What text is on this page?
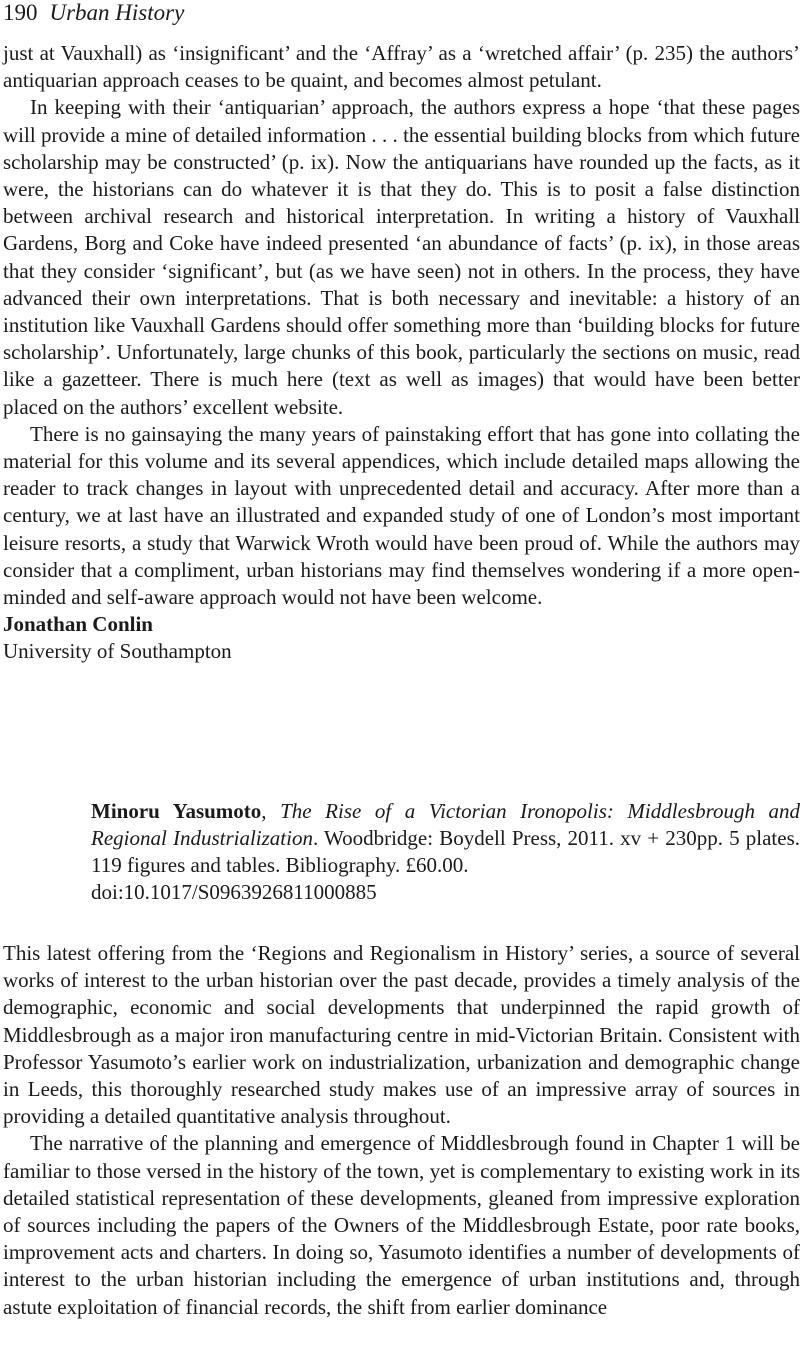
190 Urban History

just at Vauxhall) as ‘insignificant’ and the ‘Affray’ as a ‘wretched affair’ (p. 235) the authors’ antiquarian approach ceases to be quaint, and becomes almost petulant.

In keeping with their ‘antiquarian’ approach, the authors express a hope ‘that these pages will provide a mine of detailed information . . . the essential building blocks from which future scholarship may be constructed’ (p. ix). Now the antiquarians have rounded up the facts, as it were, the historians can do whatever it is that they do. This is to posit a false distinction between archival research and historical interpretation. In writing a history of Vauxhall Gardens, Borg and Coke have indeed presented ‘an abundance of facts’ (p. ix), in those areas that they consider ‘significant’, but (as we have seen) not in others. In the process, they have advanced their own interpretations. That is both necessary and inevitable: a history of an institution like Vauxhall Gardens should offer something more than ‘building blocks for future scholarship’. Unfortunately, large chunks of this book, particularly the sections on music, read like a gazetteer. There is much here (text as well as images) that would have been better placed on the authors’ excellent website.

There is no gainsaying the many years of painstaking effort that has gone into collating the material for this volume and its several appendices, which include detailed maps allowing the reader to track changes in layout with unprecedented detail and accuracy. After more than a century, we at last have an illustrated and expanded study of one of London’s most important leisure resorts, a study that Warwick Wroth would have been proud of. While the authors may consider that a compliment, urban historians may find themselves wondering if a more open-minded and self-aware approach would not have been welcome.

Jonathan Conlin

University of Southampton

Minoru Yasumoto, The Rise of a Victorian Ironopolis: Middlesbrough and Regional Industrialization. Woodbridge: Boydell Press, 2011. xv + 230pp. 5 plates. 119 figures and tables. Bibliography. £60.00.

doi:10.1017/S0963926811000885

This latest offering from the ‘Regions and Regionalism in History’ series, a source of several works of interest to the urban historian over the past decade, provides a timely analysis of the demographic, economic and social developments that underpinned the rapid growth of Middlesbrough as a major iron manufacturing centre in mid-Victorian Britain. Consistent with Professor Yasumoto’s earlier work on industrialization, urbanization and demographic change in Leeds, this thoroughly researched study makes use of an impressive array of sources in providing a detailed quantitative analysis throughout.

The narrative of the planning and emergence of Middlesbrough found in Chapter 1 will be familiar to those versed in the history of the town, yet is complementary to existing work in its detailed statistical representation of these developments, gleaned from impressive exploration of sources including the papers of the Owners of the Middlesbrough Estate, poor rate books, improvement acts and charters. In doing so, Yasumoto identifies a number of developments of interest to the urban historian including the emergence of urban institutions and, through astute exploitation of financial records, the shift from earlier dominance
